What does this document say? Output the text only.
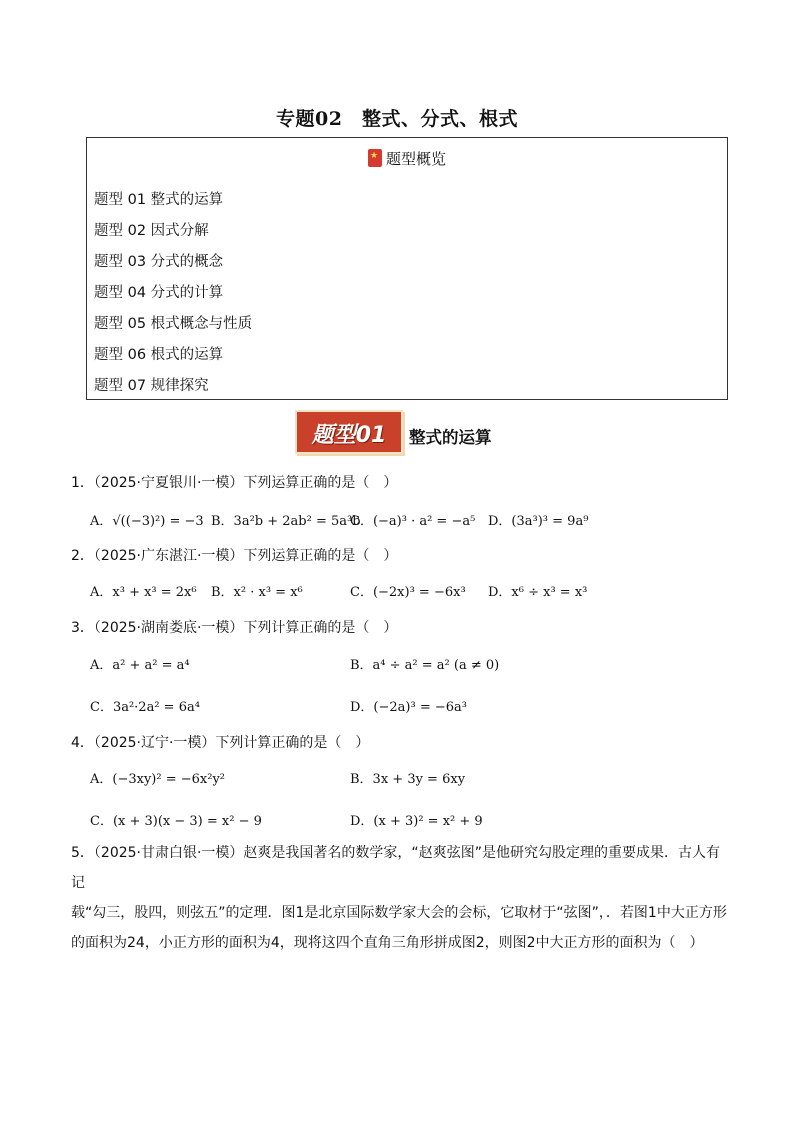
专题02　整式、分式、根式
★题型概览
题型 01 整式的运算
题型 02 因式分解
题型 03 分式的概念
题型 04 分式的计算
题型 05 根式概念与性质
题型 06 根式的运算
题型 07 规律探究
题型01	整式的运算
1．（2025·宁夏银川·一模）下列运算正确的是（　）
A．√((−3)²) = −3 B．3a²b + 2ab² = 5a³b
C．(−a)³ · a² = −a⁵ D．(3a³)³ = 9a⁹
2．（2025·广东湛江·一模）下列运算正确的是（　）
A．x³ + x³ = 2x⁶ B．x² · x³ = x⁶	C．(−2x)³ = −6x³ D．x⁶ ÷ x³ = x³
3．（2025·湖南娄底·一模）下列计算正确的是（　）
A．a² + a² = a⁴	B．a⁴ ÷ a² = a² (a ≠ 0)
C．3a²·2a² = 6a⁴	D．(−2a)³ = −6a³
4．（2025·辽宁·一模）下列计算正确的是（　）
A．(−3xy)² = −6x²y²	B．3x + 3y = 6xy
C．(x + 3)(x − 3) = x² − 9	D．(x + 3)² = x² + 9
5．（2025·甘肃白银·一模）赵爽是我国著名的数学家，“赵爽弦图”是他研究勾股定理的重要成果．古人有记
载“勾三，股四，则弦五”的定理．图1是北京国际数学家大会的会标，它取材于“弦图”，．若图1中大正方形
的面积为24，小正方形的面积为4，现将这四个直角三角形拼成图2，则图2中大正方形的面积为（　）
